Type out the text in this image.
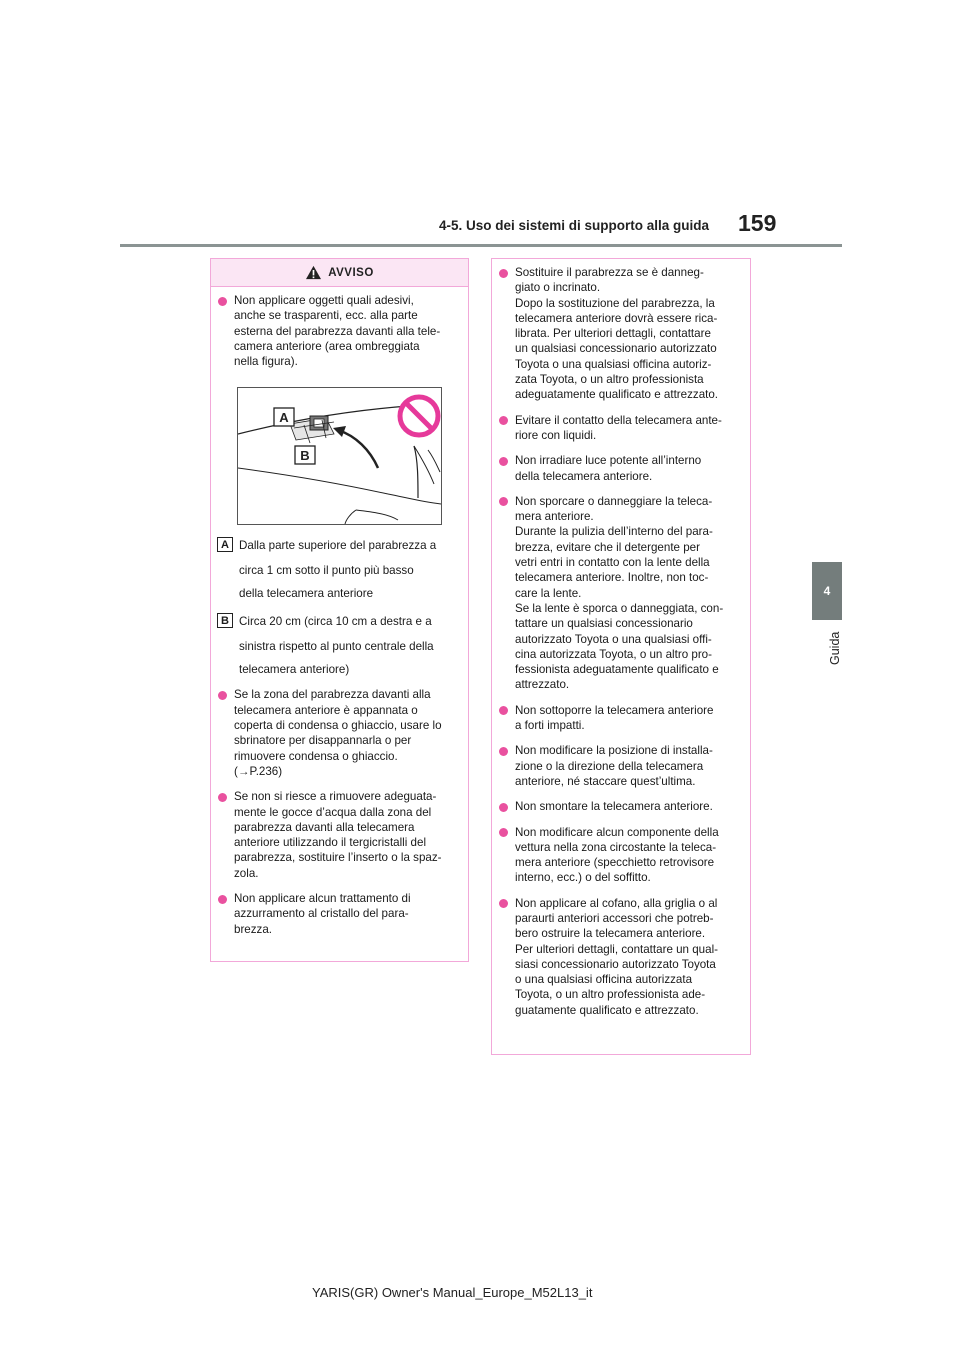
4-5. Uso dei sistemi di supporto alla guida 159
4
Guida
AVVISO
Non applicare oggetti quali adesivi,
anche se trasparenti, ecc. alla parte
esterna del parabrezza davanti alla tele-
camera anteriore (area ombreggiata
nella figura).
A
B
A Dalla parte superiore del parabrezza a
circa 1 cm sotto il punto più basso
della telecamera anteriore
B Circa 20 cm (circa 10 cm a destra e a
sinistra rispetto al punto centrale della
telecamera anteriore)
Se la zona del parabrezza davanti alla
telecamera anteriore è appannata o
coperta di condensa o ghiaccio, usare lo
sbrinatore per disappannarla o per
rimuovere condensa o ghiaccio.
(→P.236)
Se non si riesce a rimuovere adeguata-
mente le gocce d’acqua dalla zona del
parabrezza davanti alla telecamera
anteriore utilizzando il tergicristalli del
parabrezza, sostituire l’inserto o la spaz-
zola.
Non applicare alcun trattamento di
azzurramento al cristallo del para-
brezza.
Sostituire il parabrezza se è danneg-
giato o incrinato.
Dopo la sostituzione del parabrezza, la
telecamera anteriore dovrà essere rica-
librata. Per ulteriori dettagli, contattare
un qualsiasi concessionario autorizzato
Toyota o una qualsiasi officina autoriz-
zata Toyota, o un altro professionista
adeguatamente qualificato e attrezzato.
Evitare il contatto della telecamera ante-
riore con liquidi.
Non irradiare luce potente all’interno
della telecamera anteriore.
Non sporcare o danneggiare la teleca-
mera anteriore.
Durante la pulizia dell’interno del para-
brezza, evitare che il detergente per
vetri entri in contatto con la lente della
telecamera anteriore. Inoltre, non toc-
care la lente.
Se la lente è sporca o danneggiata, con-
tattare un qualsiasi concessionario
autorizzato Toyota o una qualsiasi offi-
cina autorizzata Toyota, o un altro pro-
fessionista adeguatamente qualificato e
attrezzato.
Non sottoporre la telecamera anteriore
a forti impatti.
Non modificare la posizione di installa-
zione o la direzione della telecamera
anteriore, né staccare quest’ultima.
Non smontare la telecamera anteriore.
Non modificare alcun componente della
vettura nella zona circostante la teleca-
mera anteriore (specchietto retrovisore
interno, ecc.) o del soffitto.
Non applicare al cofano, alla griglia o al
paraurti anteriori accessori che potreb-
bero ostruire la telecamera anteriore.
Per ulteriori dettagli, contattare un qual-
siasi concessionario autorizzato Toyota
o una qualsiasi officina autorizzata
Toyota, o un altro professionista ade-
guatamente qualificato e attrezzato.
YARIS(GR) Owner's Manual_Europe_M52L13_it
